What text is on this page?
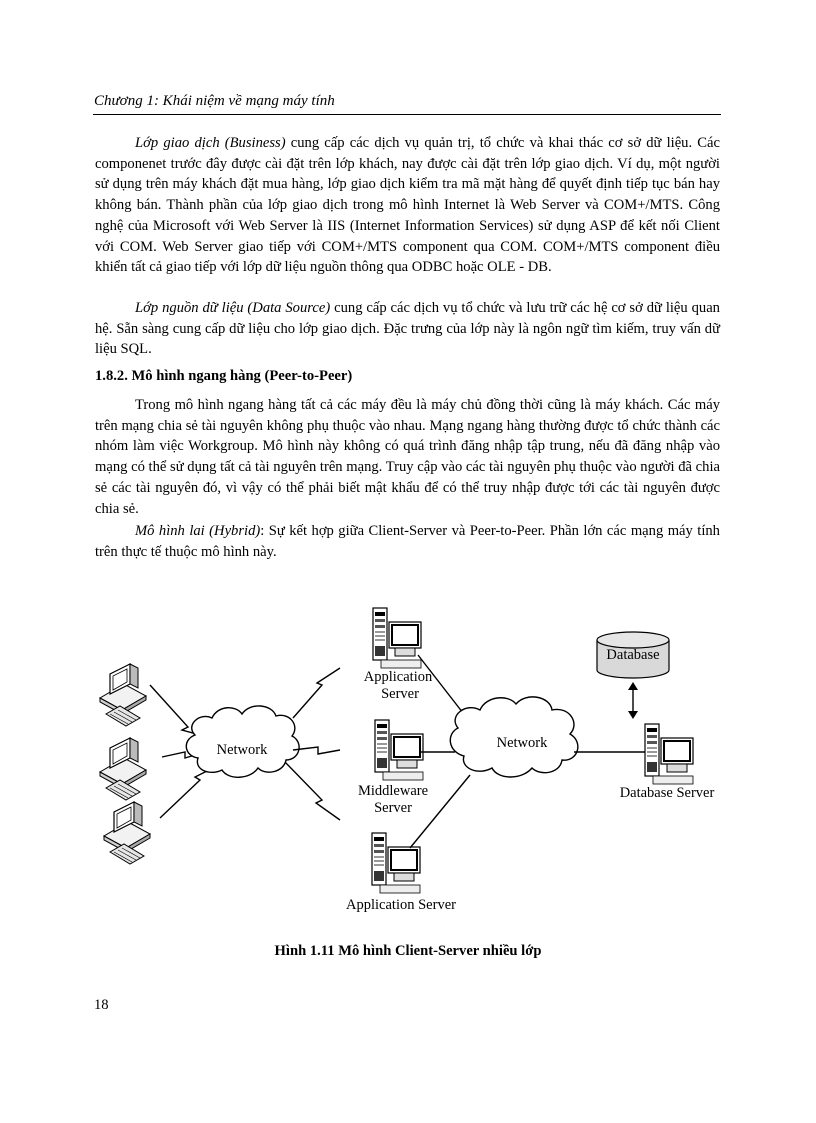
Chương 1: Khái niệm về mạng máy tính

Lớp giao dịch (Business) cung cấp các dịch vụ quản trị, tổ chức và khai thác cơ sở dữ liệu. Các componenet trước đây được cài đặt trên lớp khách, nay được cài đặt trên lớp giao dịch. Ví dụ, một người sử dụng trên máy khách đặt mua hàng, lớp giao dịch kiểm tra mã mặt hàng để quyết định tiếp tục bán hay không bán. Thành phần của lớp giao dịch trong mô hình Internet là Web Server và COM+/MTS. Công nghệ của Microsoft với Web Server là IIS (Internet Information Services) sử dụng ASP để kết nối Client với COM. Web Server giao tiếp với COM+/MTS component qua COM. COM+/MTS component điều khiển tất cả giao tiếp với lớp dữ liệu nguồn thông qua ODBC hoặc OLE - DB.

Lớp nguồn dữ liệu (Data Source) cung cấp các dịch vụ tổ chức và lưu trữ các hệ cơ sở dữ liệu quan hệ. Sẵn sàng cung cấp dữ liệu cho lớp giao dịch. Đặc trưng của lớp này là ngôn ngữ tìm kiếm, truy vấn dữ liệu SQL.

1.8.2. Mô hình ngang hàng (Peer-to-Peer)

Trong mô hình ngang hàng tất cả các máy đều là máy chủ đồng thời cũng là máy khách. Các máy trên mạng chia sẻ tài nguyên không phụ thuộc vào nhau. Mạng ngang hàng thường được tổ chức thành các nhóm làm việc Workgroup. Mô hình này không có quá trình đăng nhập tập trung, nếu đã đăng nhập vào mạng có thể sử dụng tất cả tài nguyên trên mạng. Truy cập vào các tài nguyên phụ thuộc vào người đã chia sẻ các tài nguyên đó, vì vậy có thể phải biết mật khẩu để có thể truy nhập được tới các tài nguyên được chia sẻ.

Mô hình lai (Hybrid): Sự kết hợp giữa Client-Server và Peer-to-Peer. Phần lớn các mạng máy tính trên thực tế thuộc mô hình này.

Network
Application
Server
Middleware
Server
Application Server
Network
Database
Database Server
Hình 1.11 Mô hình Client-Server nhiều lớp
18
